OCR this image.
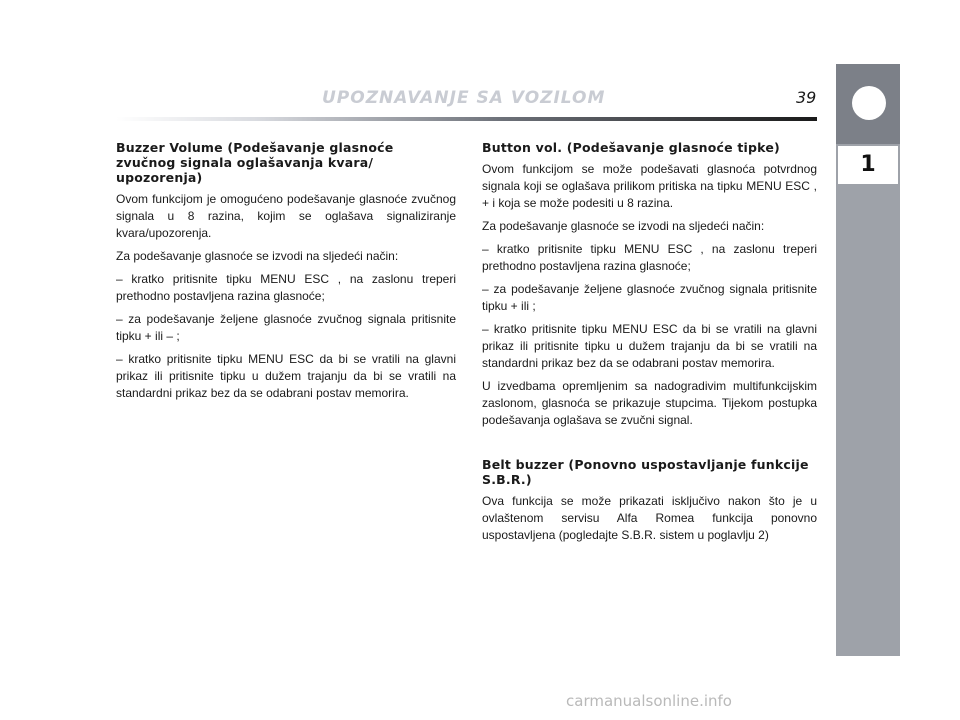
UPOZNAVANJE SA VOZILOM	39
1
Buzzer Volume (Podešavanje glasnoće zvučnog signala oglašavanja kvara/ upozorenja)

Ovom funkcijom je omogućeno podešavanje glasnoće zvučnog signala u 8 razina, kojim se oglašava signaliziranje kvara/upozorenja.

Za podešavanje glasnoće se izvodi na sljedeći način:

– kratko pritisnite tipku MENU ESC , na zaslonu treperi prethodno postavljena razina glasnoće;

– za podešavanje željene glasnoće zvučnog signala pritisnite tipku + ili – ;

– kratko pritisnite tipku MENU ESC da bi se vratili na glavni prikaz ili pritisnite tipku u dužem trajanju da bi se vratili na standardni prikaz bez da se odabrani postav memorira.

Button vol. (Podešavanje glasnoće tipke)

Ovom funkcijom se može podešavati glasnoća potvrdnog signala koji se oglašava prilikom pritiska na tipku MENU ESC , + i koja se može podesiti u 8 razina.

Za podešavanje glasnoće se izvodi na sljedeći način:

– kratko pritisnite tipku MENU ESC , na zaslonu treperi prethodno postavljena razina glasnoće;

– za podešavanje željene glasnoće zvučnog signala pritisnite tipku + ili ;

– kratko pritisnite tipku MENU ESC da bi se vratili na glavni prikaz ili pritisnite tipku u dužem trajanju da bi se vratili na standardni prikaz bez da se odabrani postav memorira.

U izvedbama opremljenim sa nadogradivim multifunkcijskim zaslonom, glasnoća se prikazuje stupcima. Tijekom postupka podešavanja oglašava se zvučni signal.

Belt buzzer (Ponovno uspostavljanje funkcije S.B.R.)

Ova funkcija se može prikazati isključivo nakon što je u ovlaštenom servisu Alfa Romea funkcija ponovno uspostavljena (pogledajte S.B.R. sistem u poglavlju 2)

carmanualsonline.info
